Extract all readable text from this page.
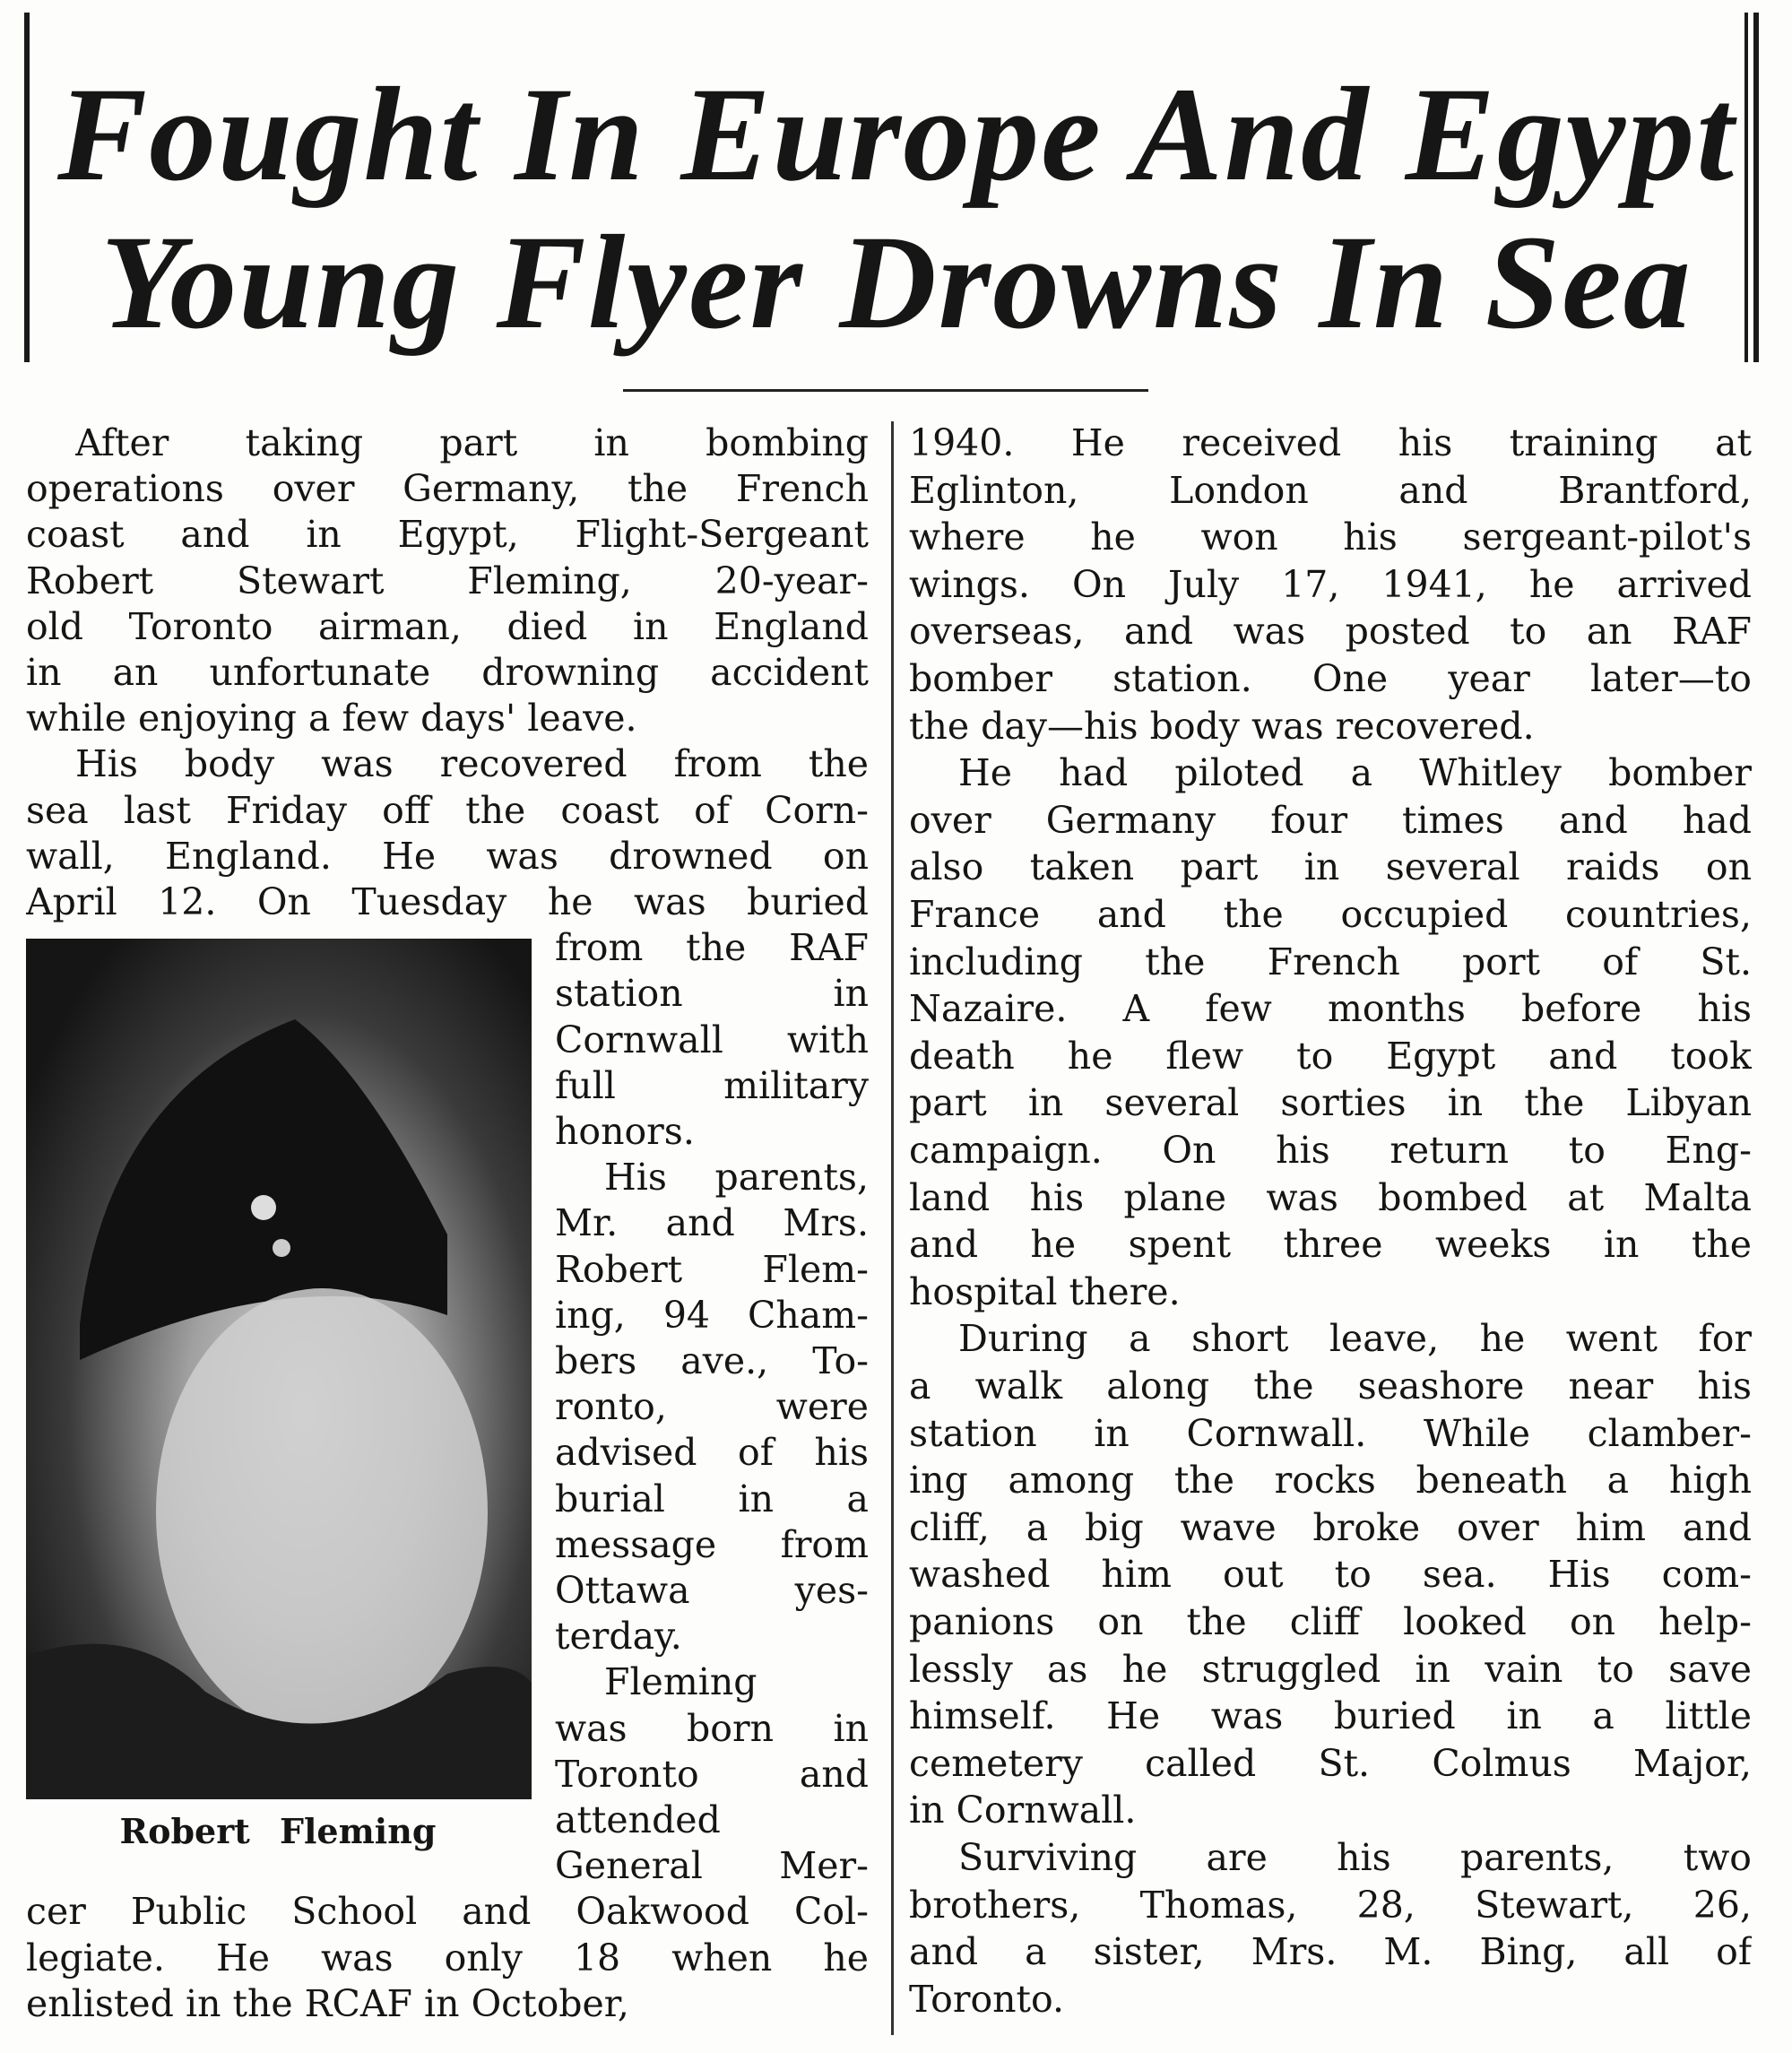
Fought In Europe And Egypt
Young Flyer Drowns In Sea
Robert Fleming
After taking part in bombing
operations over Germany, the French
coast and in Egypt, Flight-Sergeant
Robert Stewart Fleming, 20-year-
old Toronto airman, died in England
in an unfortunate drowning accident
while enjoying a few days' leave.
His body was recovered from the
sea last Friday off the coast of Corn-
wall, England. He was drowned on
April 12. On Tuesday he was buried
from the RAF
station in
Cornwall with
full military
honors.
His parents,
Mr. and Mrs.
Robert Flem-
ing, 94 Cham-
bers ave., To-
ronto, were
advised of his
burial in a
message from
Ottawa yes-
terday.
Fleming
was born in
Toronto and
attended
General Mer-
cer Public School and Oakwood Col-
legiate. He was only 18 when he
enlisted in the RCAF in October,
1940. He received his training at
Eglinton, London and Brantford,
where he won his sergeant-pilot's
wings. On July 17, 1941, he arrived
overseas, and was posted to an RAF
bomber station. One year later—to
the day—his body was recovered.
He had piloted a Whitley bomber
over Germany four times and had
also taken part in several raids on
France and the occupied countries,
including the French port of St.
Nazaire. A few months before his
death he flew to Egypt and took
part in several sorties in the Libyan
campaign. On his return to Eng-
land his plane was bombed at Malta
and he spent three weeks in the
hospital there.
During a short leave, he went for
a walk along the seashore near his
station in Cornwall. While clamber-
ing among the rocks beneath a high
cliff, a big wave broke over him and
washed him out to sea. His com-
panions on the cliff looked on help-
lessly as he struggled in vain to save
himself. He was buried in a little
cemetery called St. Colmus Major,
in Cornwall.
Surviving are his parents, two
brothers, Thomas, 28, Stewart, 26,
and a sister, Mrs. M. Bing, all of
Toronto.
